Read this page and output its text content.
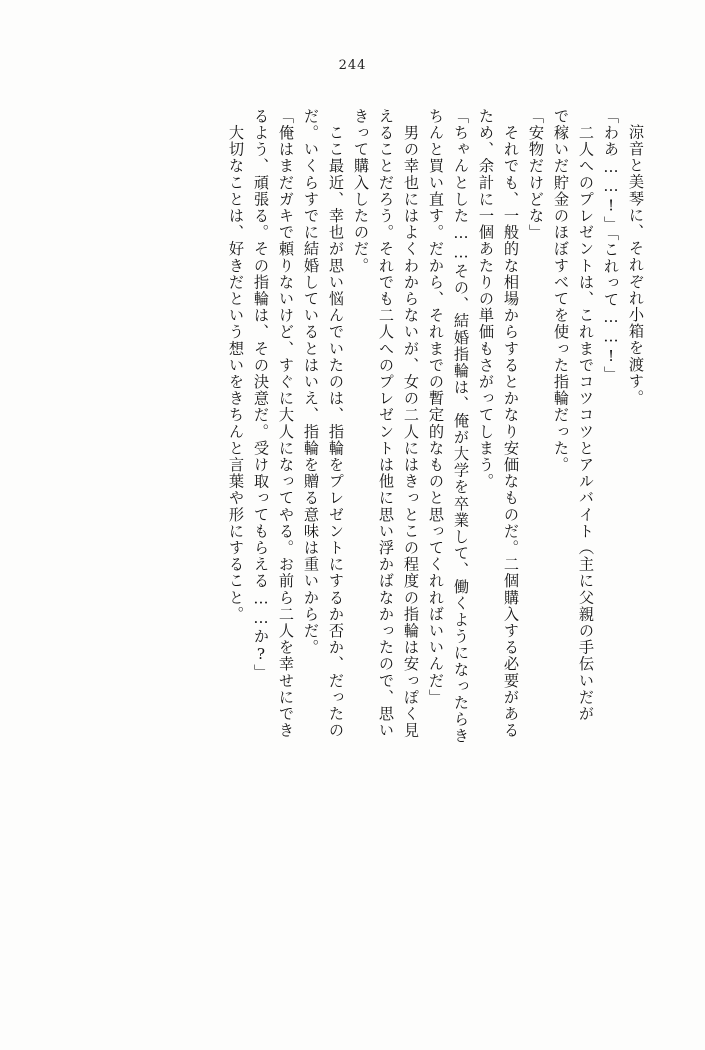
244
涼音と美琴に、それぞれ小箱を渡す。
「わあ……!」「これって……!」
　二人へのプレゼントは、これまでコツコツとアルバイト（主に父親の手伝いだが
で稼いだ貯金のほぼすべてを使った指輪だった。
「安物だけどな」
　それでも、一般的な相場からするとかなり安価なものだ。二個購入する必要がある
ため、余計に一個あたりの単価もさがってしまう。
「ちゃんとした……その、結婚指輪は、俺が大学を卒業して、働くようになったらき
ちんと買い直す。だから、それまでの暫定的なものと思ってくれればいいんだ」
　男の幸也にはよくわからないが、女の二人にはきっとこの程度の指輪は安っぽく見
えることだろう。それでも二人へのプレゼントは他に思い浮かばなかったので、思い
きって購入したのだ。
　ここ最近、幸也が思い悩んでいたのは、指輪をプレゼントにするか否か、だったの
だ。いくらすでに結婚しているとはいえ、指輪を贈る意味は重いからだ。
「俺はまだガキで頼りないけど、すぐに大人になってやる。お前ら二人を幸せにでき
るよう、頑張る。その指輪は、その決意だ。受け取ってもらえる……か?」
　大切なことは、好きだという想いをきちんと言葉や形にすること。
